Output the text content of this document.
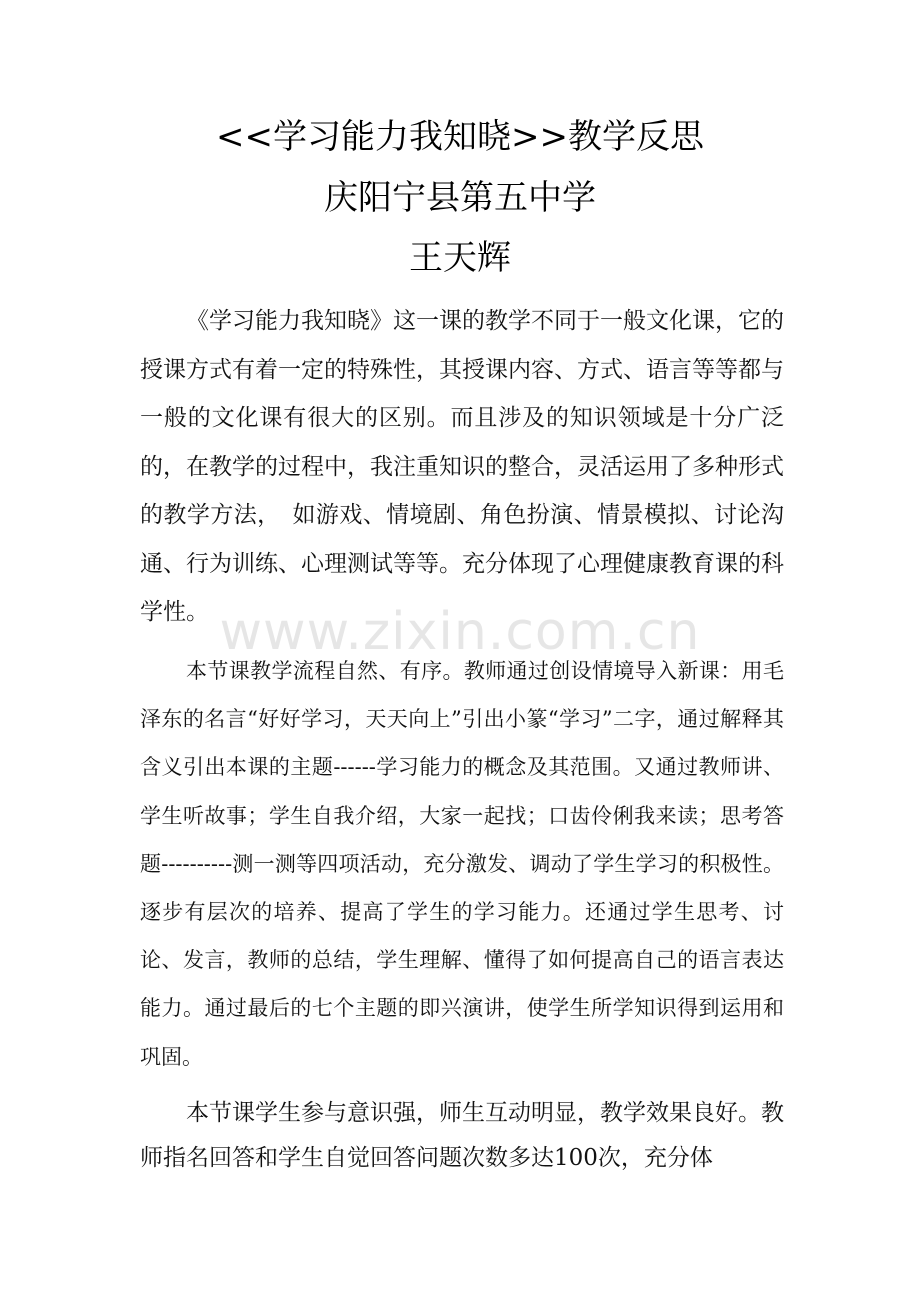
<<学习能力我知晓>>教学反思
庆阳宁县第五中学
王天辉

《学习能力我知晓》这一课的教学不同于一般文化课，它的授课方式有着一定的特殊性，其授课内容、方式、语言等等都与一般的文化课有很大的区别。而且涉及的知识领域是十分广泛的，在教学的过程中，我注重知识的整合，灵活运用了多种形式的教学方法，　如游戏、情境剧、角色扮演、情景模拟、讨论沟通、行为训练、心理测试等等。充分体现了心理健康教育课的科学性。

本节课教学流程自然、有序。教师通过创设情境导入新课：用毛泽东的名言“好好学习，天天向上”引出小篆“学习”二字，通过解释其含义引出本课的主题------学习能力的概念及其范围。又通过教师讲、学生听故事；学生自我介绍，大家一起找；口齿伶俐我来读；思考答题----------测一测等四项活动，充分激发、调动了学生学习的积极性。逐步有层次的培养、提高了学生的学习能力。还通过学生思考、讨论、发言，教师的总结，学生理解、懂得了如何提高自己的语言表达能力。通过最后的七个主题的即兴演讲，使学生所学知识得到运用和巩固。

本节课学生参与意识强，师生互动明显，教学效果良好。教师指名回答和学生自觉回答问题次数多达100次，充分体

www.zixin.com.cn
